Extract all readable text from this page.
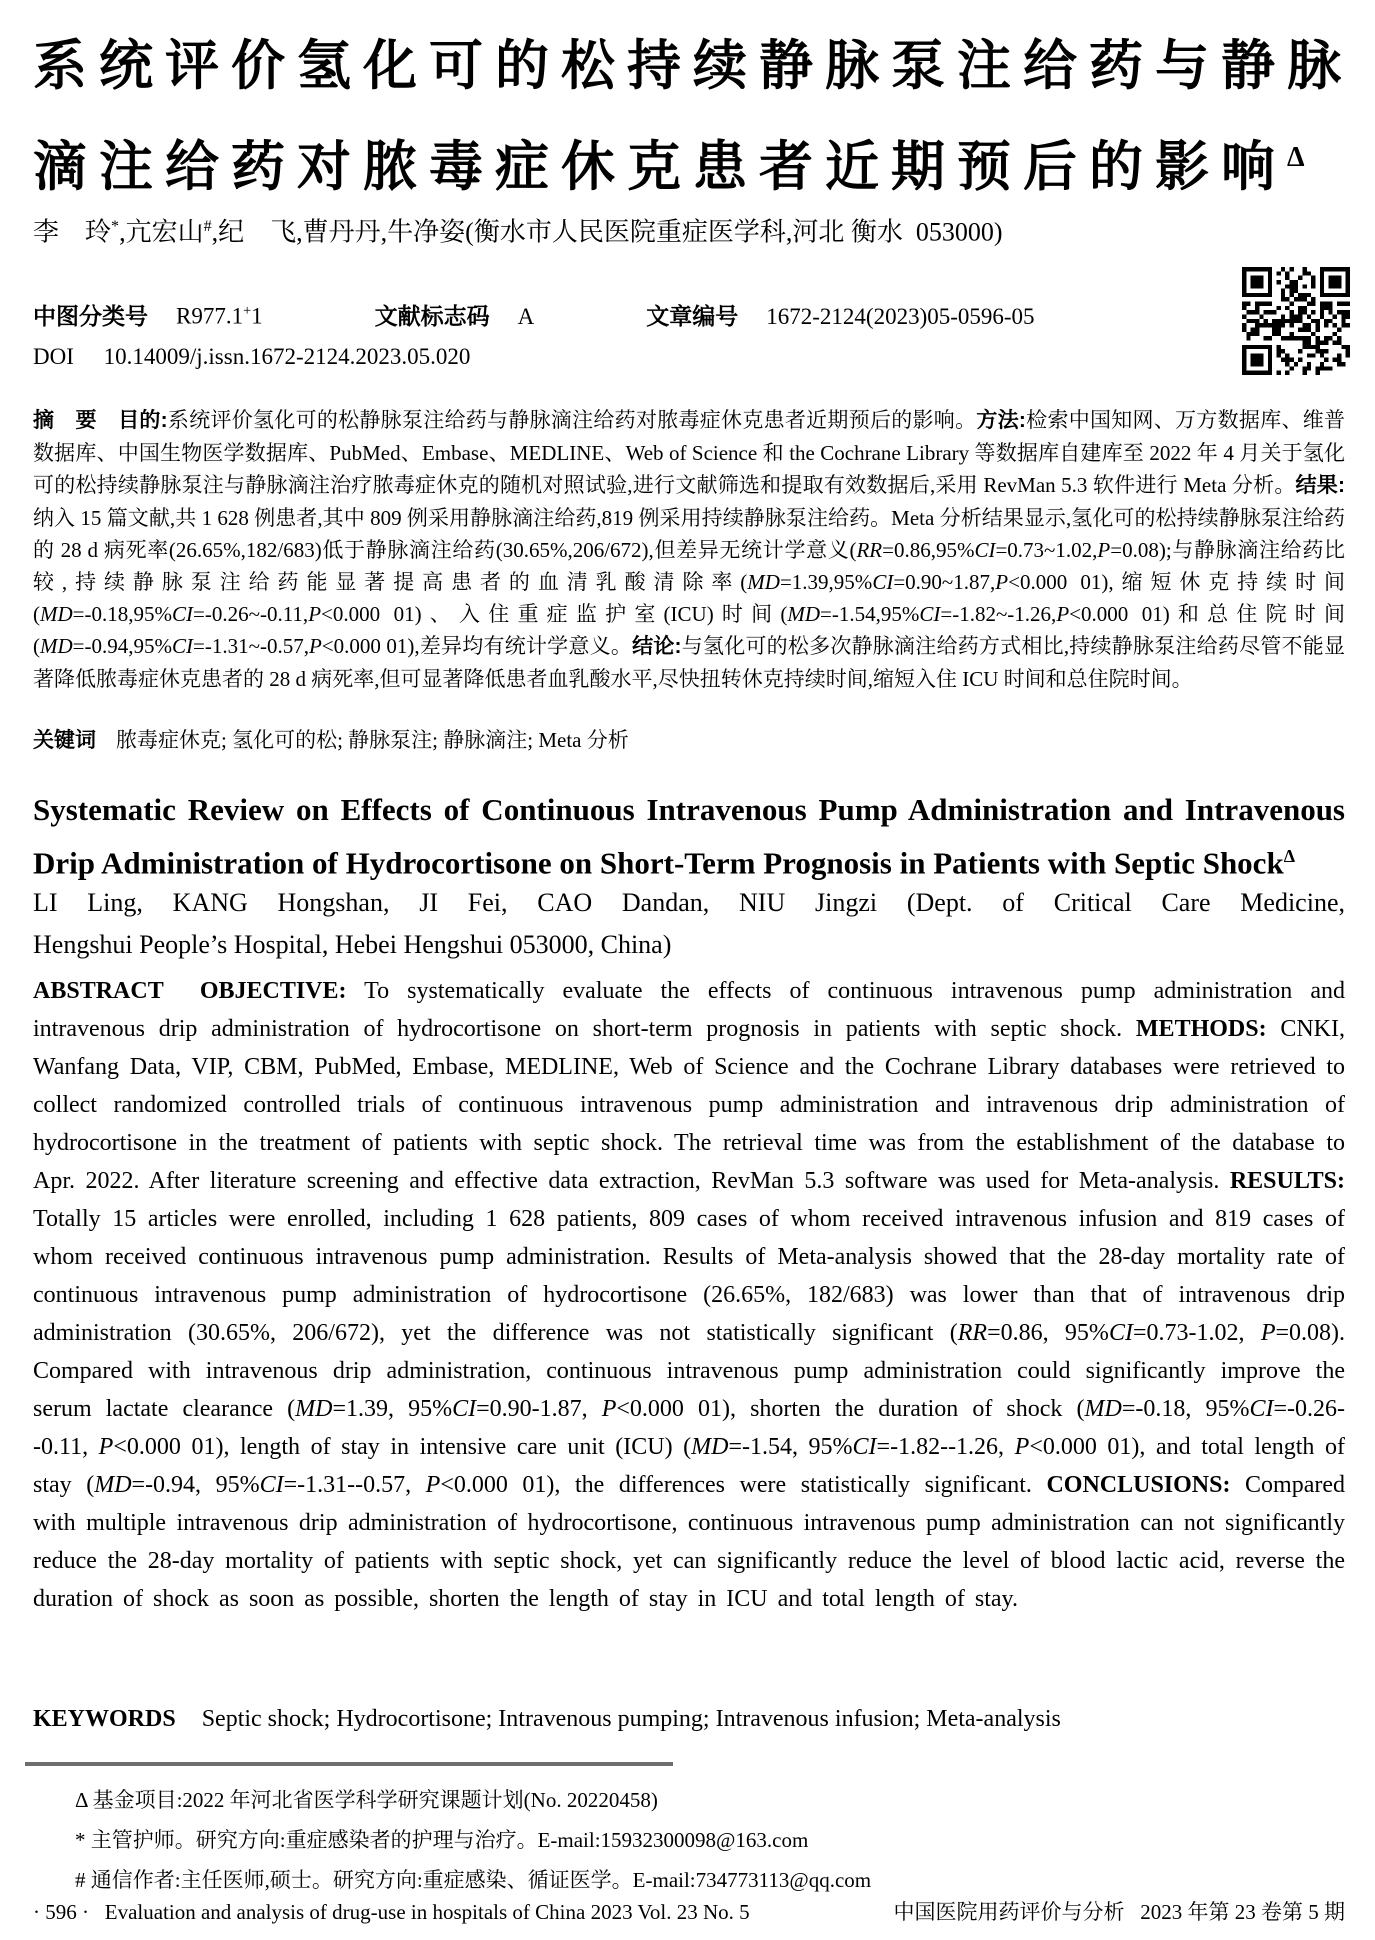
系统评价氢化可的松持续静脉泵注给药与静脉
滴注给药对脓毒症休克患者近期预后的影响$^\Delta$
李　玲*,亢宏山#,纪　飞,曹丹丹,牛净姿(衡水市人民医院重症医学科,河北 衡水 053000)
中图分类号 R977.1+1	文献标志码 A	文章编号 1672-2124(2023)05-0596-05
DOI 10.14009/j.issn.1672-2124.2023.05.020
摘　要　 目的:系统评价氢化可的松静脉泵注给药与静脉滴注给药对脓毒症休克患者近期预后的影响。方法:检索中国知网、万方数据库、维普数据库、中国生物医学数据库、PubMed、Embase、MEDLINE、Web of Science 和 the Cochrane Library 等数据库自建库至 2022 年 4 月关于氢化可的松持续静脉泵注与静脉滴注治疗脓毒症休克的随机对照试验,进行文献筛选和提取有效数据后,采用 RevMan 5.3 软件进行 Meta 分析。结果:纳入 15 篇文献,共 1 628 例患者,其中 809 例采用静脉滴注给药,819 例采用持续静脉泵注给药。Meta 分析结果显示,氢化可的松持续静脉泵注给药的 28 d 病死率(26.65%,182/683)低于静脉滴注给药(30.65%,206/672),但差异无统计学意义(RR=0.86,95%CI=0.73~1.02,P=0.08);与静脉滴注给药比较,持续静脉泵注给药能显著提高患者的血清乳酸清除率(MD=1.39,95%CI=0.90~1.87,P<0.000 01),缩短休克持续时间(MD=-0.18,95%CI=-0.26~-0.11,P<0.000 01)、入住重症监护室(ICU)时间(MD=-1.54,95%CI=-1.82~-1.26,P<0.000 01)和总住院时间(MD=-0.94,95%CI=-1.31~-0.57,P<0.000 01),差异均有统计学意义。结论:与氢化可的松多次静脉滴注给药方式相比,持续静脉泵注给药尽管不能显著降低脓毒症休克患者的 28 d 病死率,但可显著降低患者血乳酸水平,尽快扭转休克持续时间,缩短入住 ICU 时间和总住院时间。
关键词 脓毒症休克; 氢化可的松; 静脉泵注; 静脉滴注; Meta 分析
Systematic Review on Effects of Continuous Intravenous Pump Administration and Intravenous
Drip Administration of Hydrocortisone on Short-Term Prognosis in Patients with Septic Shock$^\Delta$
LI Ling, KANG Hongshan, JI Fei, CAO Dandan, NIU Jingzi (Dept. of Critical Care Medicine,
Hengshui People’s Hospital, Hebei Hengshui 053000, China)
ABSTRACT OBJECTIVE: To systematically evaluate the effects of continuous intravenous pump administration and intravenous drip administration of hydrocortisone on short-term prognosis in patients with septic shock. METHODS: CNKI, Wanfang Data, VIP, CBM, PubMed, Embase, MEDLINE, Web of Science and the Cochrane Library databases were retrieved to collect randomized controlled trials of continuous intravenous pump administration and intravenous drip administration of hydrocortisone in the treatment of patients with septic shock. The retrieval time was from the establishment of the database to Apr. 2022. After literature screening and effective data extraction, RevMan 5.3 software was used for Meta-analysis. RESULTS: Totally 15 articles were enrolled, including 1 628 patients, 809 cases of whom received intravenous infusion and 819 cases of whom received continuous intravenous pump administration. Results of Meta-analysis showed that the 28-day mortality rate of continuous intravenous pump administration of hydrocortisone (26.65%, 182/683) was lower than that of intravenous drip administration (30.65%, 206/672), yet the difference was not statistically significant (RR=0.86, 95%CI=0.73-1.02, P=0.08). Compared with intravenous drip administration, continuous intravenous pump administration could significantly improve the serum lactate clearance (MD=1.39, 95%CI=0.90-1.87, P<0.000 01), shorten the duration of shock (MD=-0.18, 95%CI=-0.26--0.11, P<0.000 01), length of stay in intensive care unit (ICU) (MD=-1.54, 95%CI=-1.82--1.26, P<0.000 01), and total length of stay (MD=-0.94, 95%CI=-1.31--0.57, P<0.000 01), the differences were statistically significant. CONCLUSIONS: Compared with multiple intravenous drip administration of hydrocortisone, continuous intravenous pump administration can not significantly reduce the 28-day mortality of patients with septic shock, yet can significantly reduce the level of blood lactic acid, reverse the duration of shock as soon as possible, shorten the length of stay in ICU and total length of stay.
KEYWORDS Septic shock; Hydrocortisone; Intravenous pumping; Intravenous infusion; Meta-analysis
Δ 基金项目:2022 年河北省医学科学研究课题计划(No. 20220458)
* 主管护师。研究方向:重症感染者的护理与治疗。E-mail:15932300098@163.com
# 通信作者:主任医师,硕士。研究方向:重症感染、循证医学。E-mail:734773113@qq.com
· 596 ·  Evaluation and analysis of drug-use in hospitals of China 2023 Vol. 23 No. 5	中国医院用药评价与分析  2023 年第 23 卷第 5 期
